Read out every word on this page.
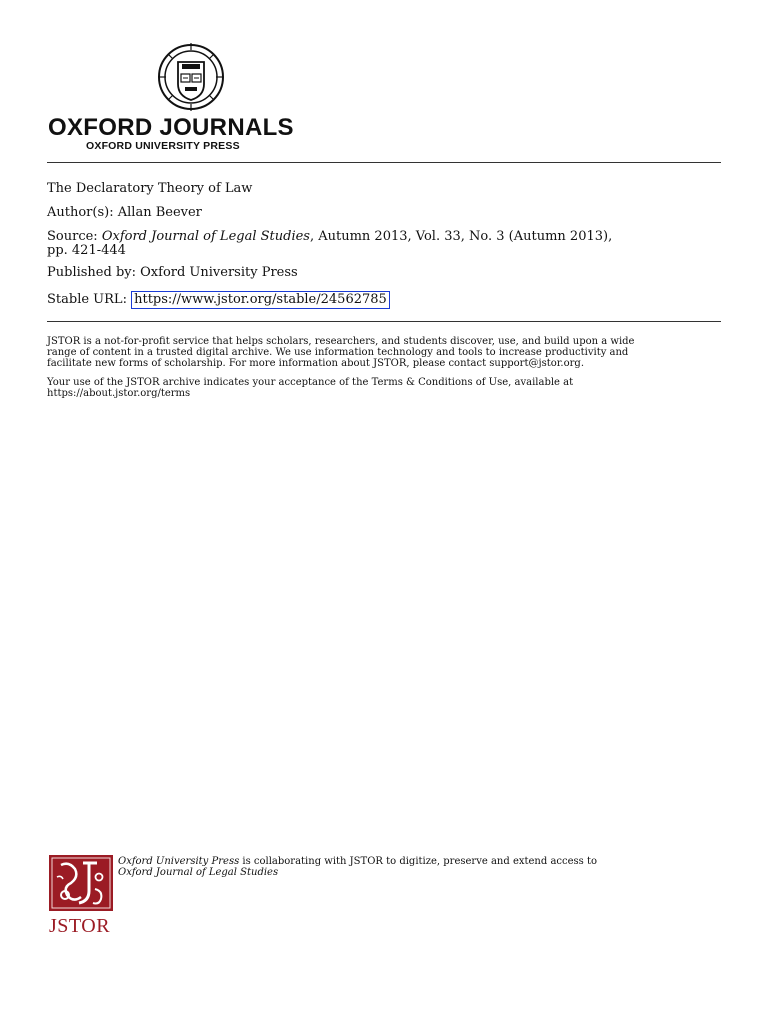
OXFORD JOURNALS
OXFORD UNIVERSITY PRESS
The Declaratory Theory of Law
Author(s): Allan Beever
Source: Oxford Journal of Legal Studies, Autumn 2013, Vol. 33, No. 3 (Autumn 2013),
pp. 421-444
Published by: Oxford University Press
Stable URL: https://www.jstor.org/stable/24562785
JSTOR is a not-for-profit service that helps scholars, researchers, and students discover, use, and build upon a wide
range of content in a trusted digital archive. We use information technology and tools to increase productivity and
facilitate new forms of scholarship. For more information about JSTOR, please contact support@jstor.org.
Your use of the JSTOR archive indicates your acceptance of the Terms & Conditions of Use, available at
https://about.jstor.org/terms
JSTOR
Oxford University Press is collaborating with JSTOR to digitize, preserve and extend access to
Oxford Journal of Legal Studies
